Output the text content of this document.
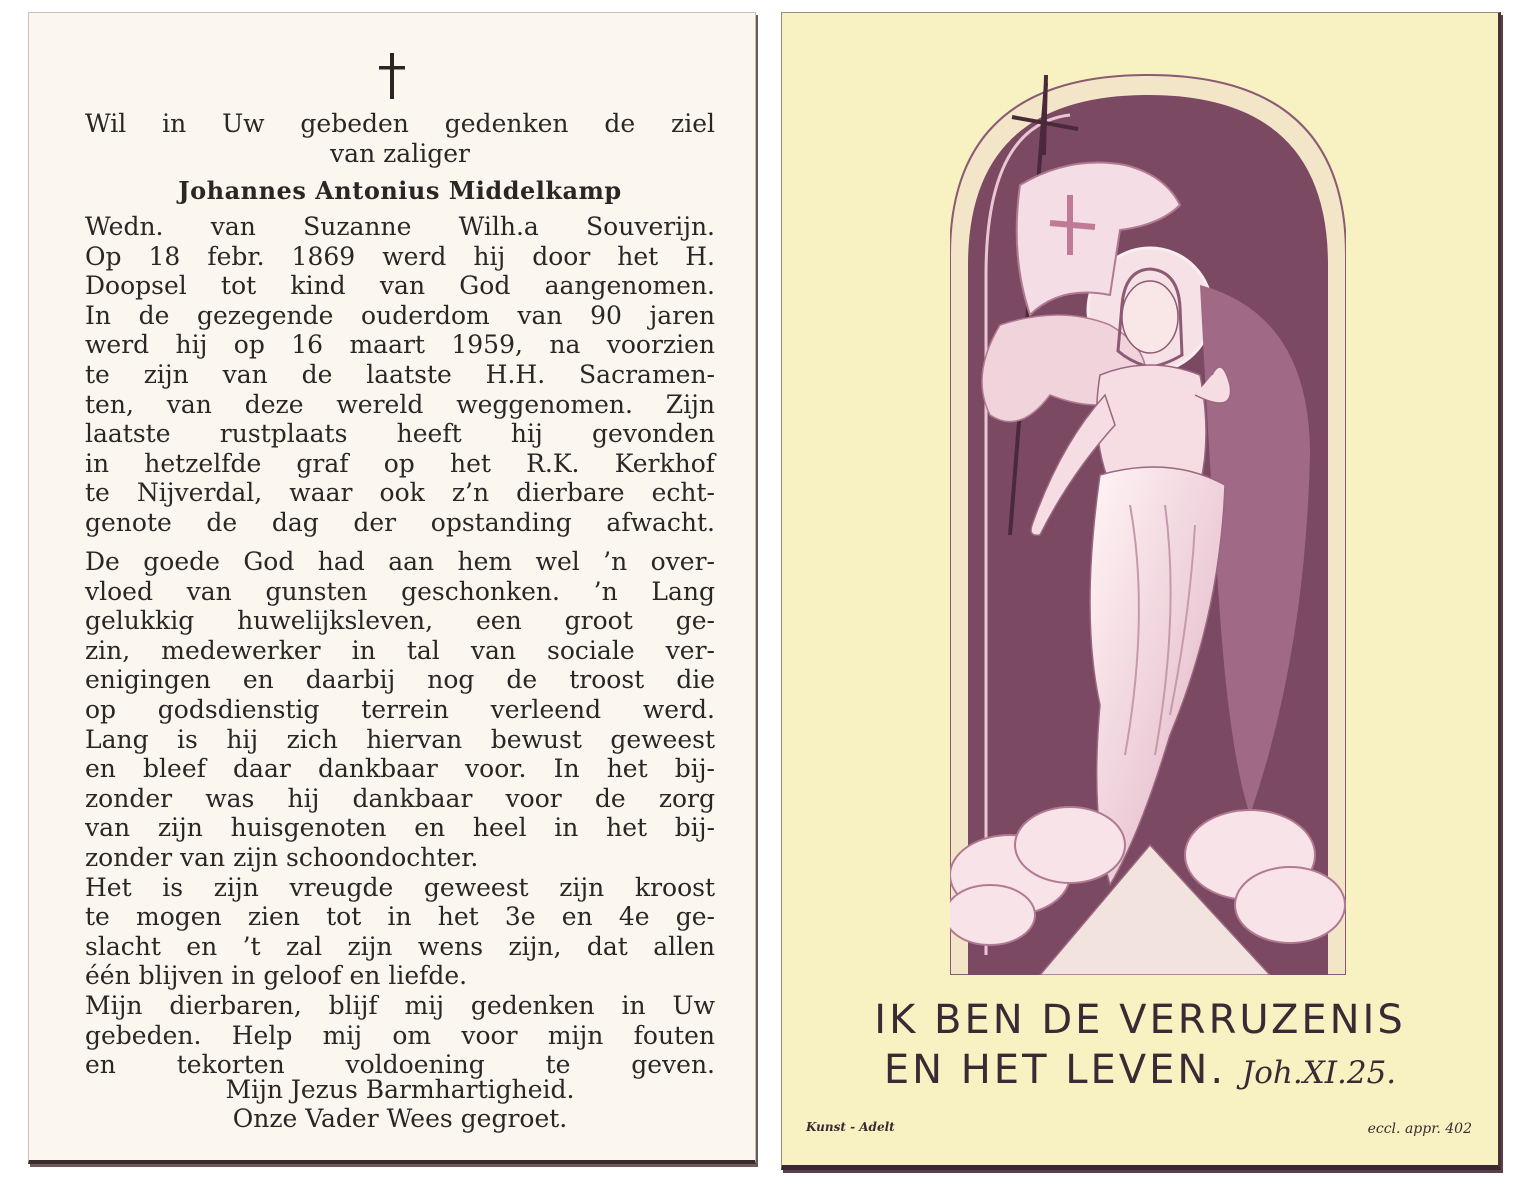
Wil in Uw gebeden gedenken de ziel
van zaliger
Johannes Antonius Middelkamp
Wedn. van Suzanne Wilh.a Souverijn.
Op 18 febr. 1869 werd hij door het H.
Doopsel tot kind van God aangenomen.
In de gezegende ouderdom van 90 jaren
werd hij op 16 maart 1959, na voorzien
te zijn van de laatste H.H. Sacramen-
ten, van deze wereld weggenomen. Zijn
laatste rustplaats heeft hij gevonden
in hetzelfde graf op het R.K. Kerkhof
te Nijverdal, waar ook z’n dierbare echt-
genote de dag der opstanding afwacht.
De goede God had aan hem wel ’n over-
vloed van gunsten geschonken. ’n Lang
gelukkig huwelijksleven, een groot ge-
zin, medewerker in tal van sociale ver-
enigingen en daarbij nog de troost die
op godsdienstig terrein verleend werd.
Lang is hij zich hiervan bewust geweest
en bleef daar dankbaar voor. In het bij-
zonder was hij dankbaar voor de zorg
van zijn huisgenoten en heel in het bij-
zonder van zijn schoondochter.
Het is zijn vreugde geweest zijn kroost
te mogen zien tot in het 3e en 4e ge-
slacht en ’t zal zijn wens zijn, dat allen
één blijven in geloof en liefde.
Mijn dierbaren, blijf mij gedenken in Uw
gebeden. Help mij om voor mijn fouten
en tekorten voldoening te geven.
Mijn Jezus Barmhartigheid.
Onze Vader Wees gegroet.
IK BEN DE VERRUZENIS
EN HET LEVEN. Joh.XI.25.
Kunst - Adelt	eccl. appr. 402
